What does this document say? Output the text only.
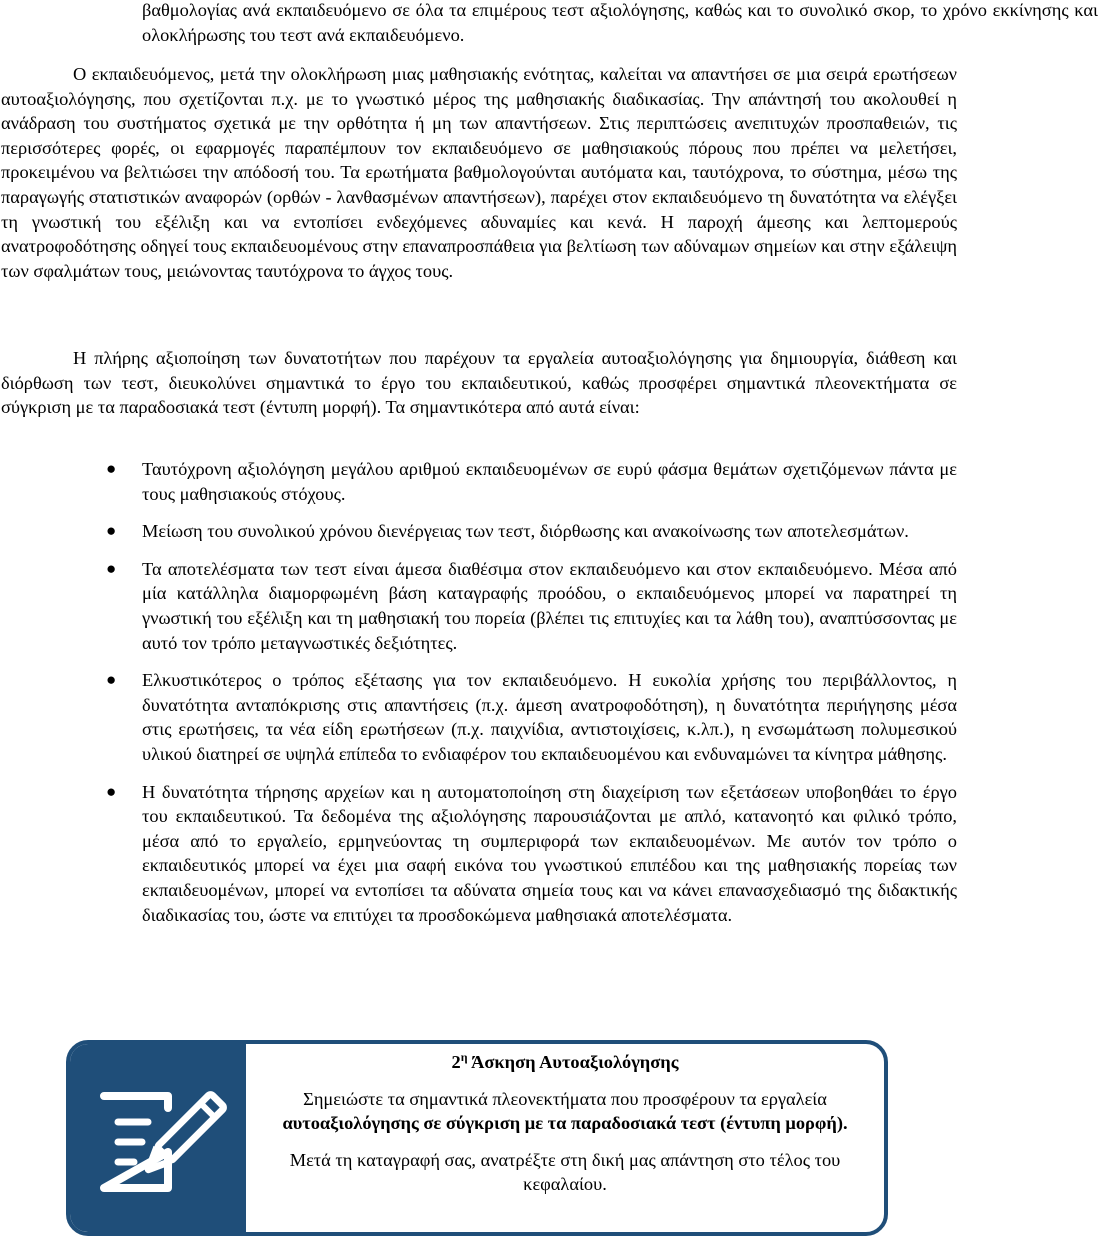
βαθμολογίας ανά εκπαιδευόμενο σε όλα τα επιμέρους τεστ αξιολόγησης, καθώς και το συνολικό σκορ, το χρόνο εκκίνησης και ολοκλήρωσης του τεστ ανά εκπαιδευόμενο.

Ο εκπαιδευόμενος, μετά την ολοκλήρωση μιας μαθησιακής ενότητας, καλείται να απαντήσει σε μια σειρά ερωτήσεων αυτοαξιολόγησης, που σχετίζονται π.χ. με το γνωστικό μέρος της μαθησιακής διαδικασίας. Την απάντησή του ακολουθεί η ανάδραση του συστήματος σχετικά με την ορθότητα ή μη των απαντήσεων. Στις περιπτώσεις ανεπιτυχών προσπαθειών, τις περισσότερες φορές, οι εφαρμογές παραπέμπουν τον εκπαιδευόμενο σε μαθησιακούς πόρους που πρέπει να μελετήσει, προκειμένου να βελτιώσει την απόδοσή του. Τα ερωτήματα βαθμολογούνται αυτόματα και, ταυτόχρονα, το σύστημα, μέσω της παραγωγής στατιστικών αναφορών (ορθών - λανθασμένων απαντήσεων), παρέχει στον εκπαιδευόμενο τη δυνατότητα να ελέγξει τη γνωστική του εξέλιξη και να εντοπίσει ενδεχόμενες αδυναμίες και κενά. Η παροχή άμεσης και λεπτομερούς ανατροφοδότησης οδηγεί τους εκπαιδευομένους στην επαναπροσπάθεια για βελτίωση των αδύναμων σημείων και στην εξάλειψη των σφαλμάτων τους, μειώνοντας ταυτόχρονα το άγχος τους.

Η πλήρης αξιοποίηση των δυνατοτήτων που παρέχουν τα εργαλεία αυτοαξιολόγησης για δημιουργία, διάθεση και διόρθωση των τεστ, διευκολύνει σημαντικά το έργο του εκπαιδευτικού, καθώς προσφέρει σημαντικά πλεονεκτήματα σε σύγκριση με τα παραδοσιακά τεστ (έντυπη μορφή). Τα σημαντικότερα από αυτά είναι:

● Ταυτόχρονη αξιολόγηση μεγάλου αριθμού εκπαιδευομένων σε ευρύ φάσμα θεμάτων σχετιζόμενων πάντα με τους μαθησιακούς στόχους.
● Μείωση του συνολικού χρόνου διενέργειας των τεστ, διόρθωσης και ανακοίνωσης των αποτελεσμάτων.
● Τα αποτελέσματα των τεστ είναι άμεσα διαθέσιμα στον εκπαιδευόμενο και στον εκπαιδευόμενο. Μέσα από μία κατάλληλα διαμορφωμένη βάση καταγραφής προόδου, ο εκπαιδευόμενος μπορεί να παρατηρεί τη γνωστική του εξέλιξη και τη μαθησιακή του πορεία (βλέπει τις επιτυχίες και τα λάθη του), αναπτύσσοντας με αυτό τον τρόπο μεταγνωστικές δεξιότητες.
● Ελκυστικότερος ο τρόπος εξέτασης για τον εκπαιδευόμενο. Η ευκολία χρήσης του περιβάλλοντος, η δυνατότητα ανταπόκρισης στις απαντήσεις (π.χ. άμεση ανατροφοδότηση), η δυνατότητα περιήγησης μέσα στις ερωτήσεις, τα νέα είδη ερωτήσεων (π.χ. παιχνίδια, αντιστοιχίσεις, κ.λπ.), η ενσωμάτωση πολυμεσικού υλικού διατηρεί σε υψηλά επίπεδα το ενδιαφέρον του εκπαιδευομένου και ενδυναμώνει τα κίνητρα μάθησης.
● Η δυνατότητα τήρησης αρχείων και η αυτοματοποίηση στη διαχείριση των εξετάσεων υποβοηθάει το έργο του εκπαιδευτικού. Τα δεδομένα της αξιολόγησης παρουσιάζονται με απλό, κατανοητό και φιλικό τρόπο, μέσα από το εργαλείο, ερμηνεύοντας τη συμπεριφορά των εκπαιδευομένων. Με αυτόν τον τρόπο ο εκπαιδευτικός μπορεί να έχει μια σαφή εικόνα του γνωστικού επιπέδου και της μαθησιακής πορείας των εκπαιδευομένων, μπορεί να εντοπίσει τα αδύνατα σημεία τους και να κάνει επανασχεδιασμό της διδακτικής διαδικασίας του, ώστε να επιτύχει τα προσδοκώμενα μαθησιακά αποτελέσματα.

$2^\eta$ Άσκηση Αυτοαξιολόγησης

Σημειώστε τα σημαντικά πλεονεκτήματα που προσφέρουν τα εργαλεία αυτοαξιολόγησης σε σύγκριση με τα παραδοσιακά τεστ (έντυπη μορφή).

Μετά τη καταγραφή σας, ανατρέξτε στη δική μας απάντηση στο τέλος του κεφαλαίου.
